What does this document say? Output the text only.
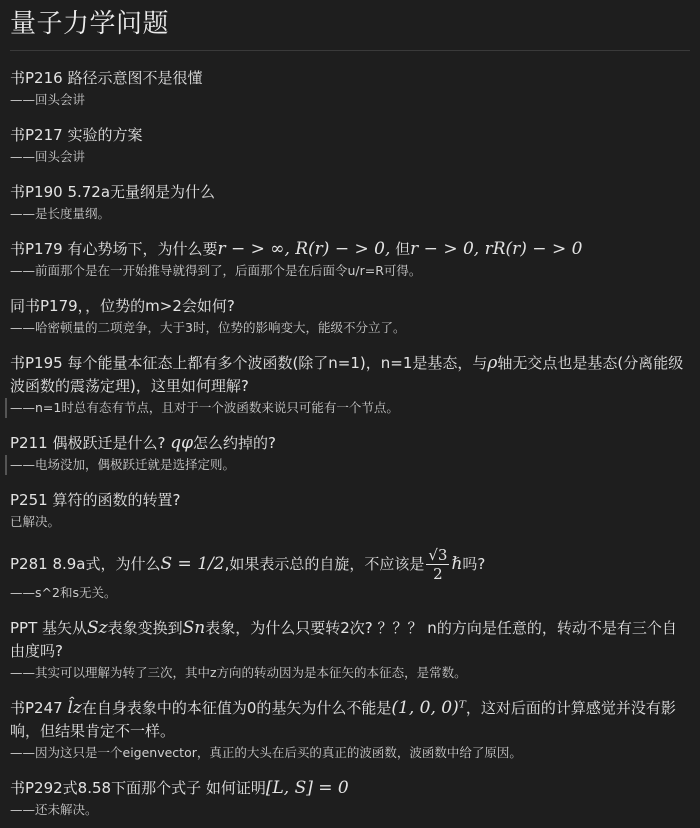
量子力学问题
书P216 路径示意图不是很懂
——回头会讲
书P217 实验的方案
——回头会讲
书P190 5.72a无量纲是为什么
——是长度量纲。
书P179 有心势场下，为什么要r − > ∞, R(r) − > 0, 但r − > 0, rR(r) − > 0
——前面那个是在一开始推导就得到了，后面那个是在后面令u/r=R可得。
同书P179，，位势的m>2会如何?
——哈密顿量的二项竞争，大于3时，位势的影响变大，能级不分立了。
书P195 每个能量本征态上都有多个波函数(除了n=1)，n=1是基态，与ρ轴无交点也是基态(分离能级波函数的震荡定理)，这里如何理解?
——n=1时总有态有节点，且对于一个波函数来说只可能有一个节点。
P211 偶极跃迁是什么? qφ怎么约掉的?
——电场没加，偶极跃迁就是选择定则。
P251 算符的函数的转置?
已解决。
P281 8.9a式，为什么S = 1/2,如果表示总的自旋，不应该是 $\frac{√3}{2}$ ℏ吗?
——s^2和s无关。
PPT 基矢从Sz表象变换到Sn表象，为什么只要转2次? ？？？ n的方向是任意的，转动不是有三个自由度吗?
——其实可以理解为转了三次，其中z方向的转动因为是本征矢的本征态，是常数。
书P247 l̂z在自身表象中的本征值为0的基矢为什么不能是(1, 0, 0)ᵀ，这对后面的计算感觉并没有影响，但结果肯定不一样。
——因为这只是一个eigenvector，真正的大头在后买的真正的波函数，波函数中给了原因。
书P292式8.58下面那个式子 如何证明[L, S] = 0
——还未解决。
